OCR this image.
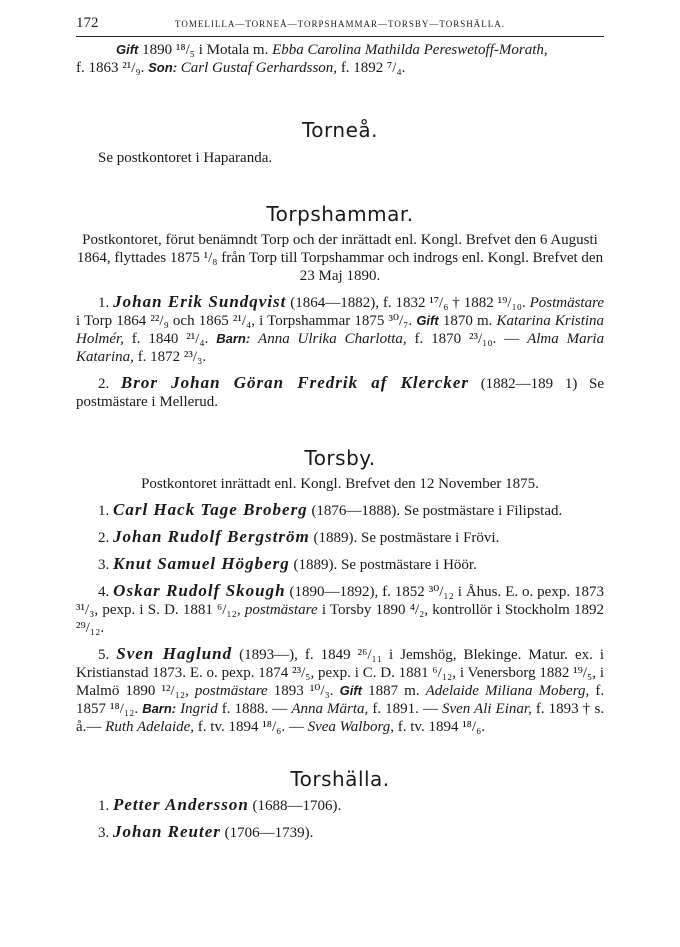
172	TOMELILLA—TORNEÅ—TORPSHAMMAR—TORSBY—TORSHÄLLA.

Gift 1890 ¹⁸/₅ i Motala m. Ebba Carolina Mathilda Pereswetoff-Morath,

f. 1863 ²¹/₉. Son: Carl Gustaf Gerhardsson, f. 1892 ⁷/₄.

Torneå.

Se postkontoret i Haparanda.

Torpshammar.

Postkontoret, förut benämndt Torp och der inrättadt enl. Kongl. Brefvet den 6 Augusti 1864, flyttades 1875 ¹/₈ från Torp till Torpshammar och indrogs enl. Kongl. Brefvet den 23 Maj 1890.

1. Johan Erik Sundqvist (1864—1882), f. 1832 ¹⁷/₆ † 1882 ¹⁹/₁₀. Postmästare i Torp 1864 ²²/₉ och 1865 ²¹/₄, i Torpshammar 1875 ³⁰/₇. Gift 1870 m. Katarina Kristina Holmér, f. 1840 ²¹/₄. Barn: Anna Ulrika Charlotta, f. 1870 ²³/₁₀. — Alma Maria Katarina, f. 1872 ²³/₃.

2. Bror Johan Göran Fredrik af Klercker (1882—189 1) Se postmästare i Mellerud.

Torsby.

Postkontoret inrättadt enl. Kongl. Brefvet den 12 November 1875.

1. Carl Hack Tage Broberg (1876—1888). Se postmästare i Filipstad.

2. Johan Rudolf Bergström (1889). Se postmästare i Frövi.

3. Knut Samuel Högberg (1889). Se postmästare i Höör.

4. Oskar Rudolf Skough (1890—1892), f. 1852 ³⁰/₁₂ i Åhus. E. o. pexp. 1873 ³¹/₃, pexp. i S. D. 1881 ⁶/₁₂, postmästare i Torsby 1890 ⁴/₂, kontrollör i Stockholm 1892 ²⁹/₁₂.

5. Sven Haglund (1893—), f. 1849 ²⁶/₁₁ i Jemshög, Blekinge. Matur. ex. i Kristianstad 1873. E. o. pexp. 1874 ²³/₅, pexp. i C. D. 1881 ⁶/₁₂, i Venersborg 1882 ¹⁹/₅, i Malmö 1890 ¹²/₁₂, postmästare 1893 ¹⁰/₃. Gift 1887 m. Adelaide Miliana Moberg, f. 1857 ¹⁸/₁₂. Barn: Ingrid f. 1888. — Anna Märta, f. 1891. — Sven Ali Einar, f. 1893 † s. å.— Ruth Adelaide, f. tv. 1894 ¹⁸/₆. — Svea Walborg, f. tv. 1894 ¹⁸/₆.

Torshälla.

1. Petter Andersson (1688—1706).

3. Johan Reuter (1706—1739).
